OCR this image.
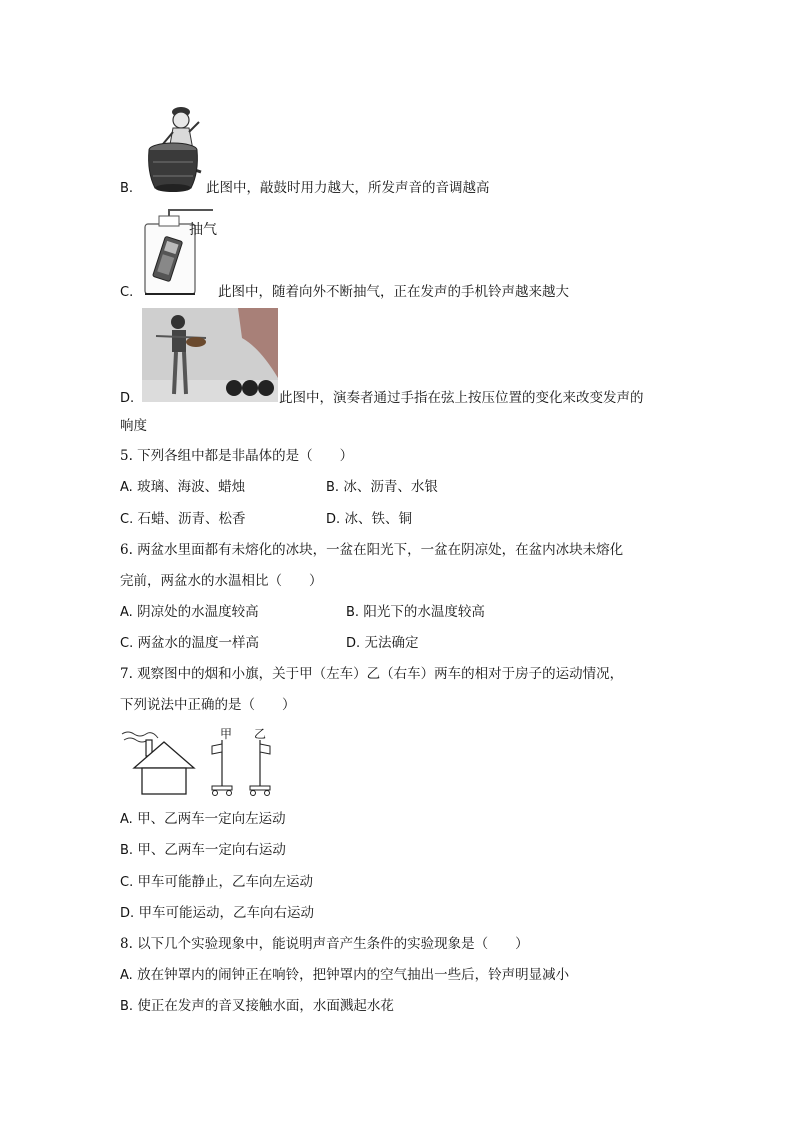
B.	此图中，敲鼓时用力越大，所发声音的音调越高
抽气
C.	此图中，随着向外不断抽气，正在发声的手机铃声越来越大
D.	此图中，演奏者通过手指在弦上按压位置的变化来改变发声的
响度
5. 下列各组中都是非晶体的是（　　）
A. 玻璃、海波、蜡烛	B. 冰、沥青、水银
C. 石蜡、沥青、松香	D. 冰、铁、铜
6. 两盆水里面都有未熔化的冰块，一盆在阳光下，一盆在阴凉处，在盆内冰块未熔化
完前，两盆水的水温相比（　　）
A. 阴凉处的水温度较高	B. 阳光下的水温度较高
C. 两盆水的温度一样高	D. 无法确定
7. 观察图中的烟和小旗，关于甲（左车）乙（右车）两车的相对于房子的运动情况，
下列说法中正确的是（　　）
甲 乙
A. 甲、乙两车一定向左运动
B. 甲、乙两车一定向右运动
C. 甲车可能静止，乙车向左运动
D. 甲车可能运动，乙车向右运动
8. 以下几个实验现象中，能说明声音产生条件的实验现象是（　　）
A. 放在钟罩内的闹钟正在响铃，把钟罩内的空气抽出一些后，铃声明显减小
B. 使正在发声的音叉接触水面，水面溅起水花
